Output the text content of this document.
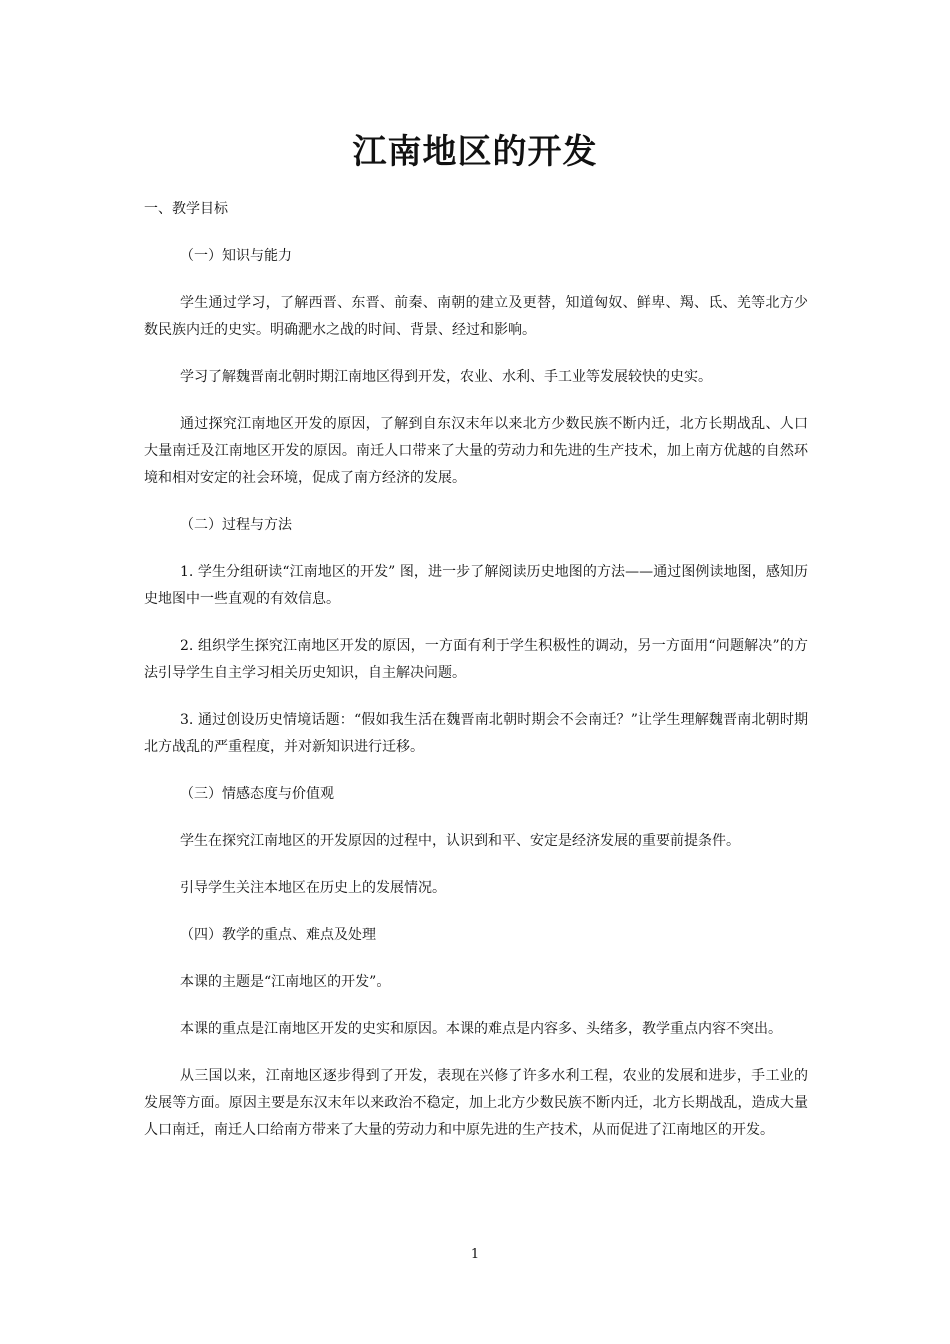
江南地区的开发

一、教学目标

（一）知识与能力

学生通过学习，了解西晋、东晋、前秦、南朝的建立及更替，知道匈奴、鲜卑、羯、氐、羌等北方少数民族内迁的史实。明确淝水之战的时间、背景、经过和影响。

学习了解魏晋南北朝时期江南地区得到开发，农业、水利、手工业等发展较快的史实。

通过探究江南地区开发的原因，了解到自东汉末年以来北方少数民族不断内迁，北方长期战乱、人口大量南迁及江南地区开发的原因。南迁人口带来了大量的劳动力和先进的生产技术，加上南方优越的自然环境和相对安定的社会环境，促成了南方经济的发展。

（二）过程与方法

1. 学生分组研读“江南地区的开发” 图，进一步了解阅读历史地图的方法——通过图例读地图，感知历史地图中一些直观的有效信息。

2. 组织学生探究江南地区开发的原因，一方面有利于学生积极性的调动，另一方面用“问题解决”的方法引导学生自主学习相关历史知识，自主解决问题。

3. 通过创设历史情境话题：“假如我生活在魏晋南北朝时期会不会南迁？”让学生理解魏晋南北朝时期北方战乱的严重程度，并对新知识进行迁移。

（三）情感态度与价值观

学生在探究江南地区的开发原因的过程中，认识到和平、安定是经济发展的重要前提条件。

引导学生关注本地区在历史上的发展情况。

（四）教学的重点、难点及处理

本课的主题是“江南地区的开发”。

本课的重点是江南地区开发的史实和原因。本课的难点是内容多、头绪多，教学重点内容不突出。

从三国以来，江南地区逐步得到了开发，表现在兴修了许多水利工程，农业的发展和进步，手工业的发展等方面。原因主要是东汉末年以来政治不稳定，加上北方少数民族不断内迁，北方长期战乱，造成大量人口南迁，南迁人口给南方带来了大量的劳动力和中原先进的生产技术，从而促进了江南地区的开发。

1
